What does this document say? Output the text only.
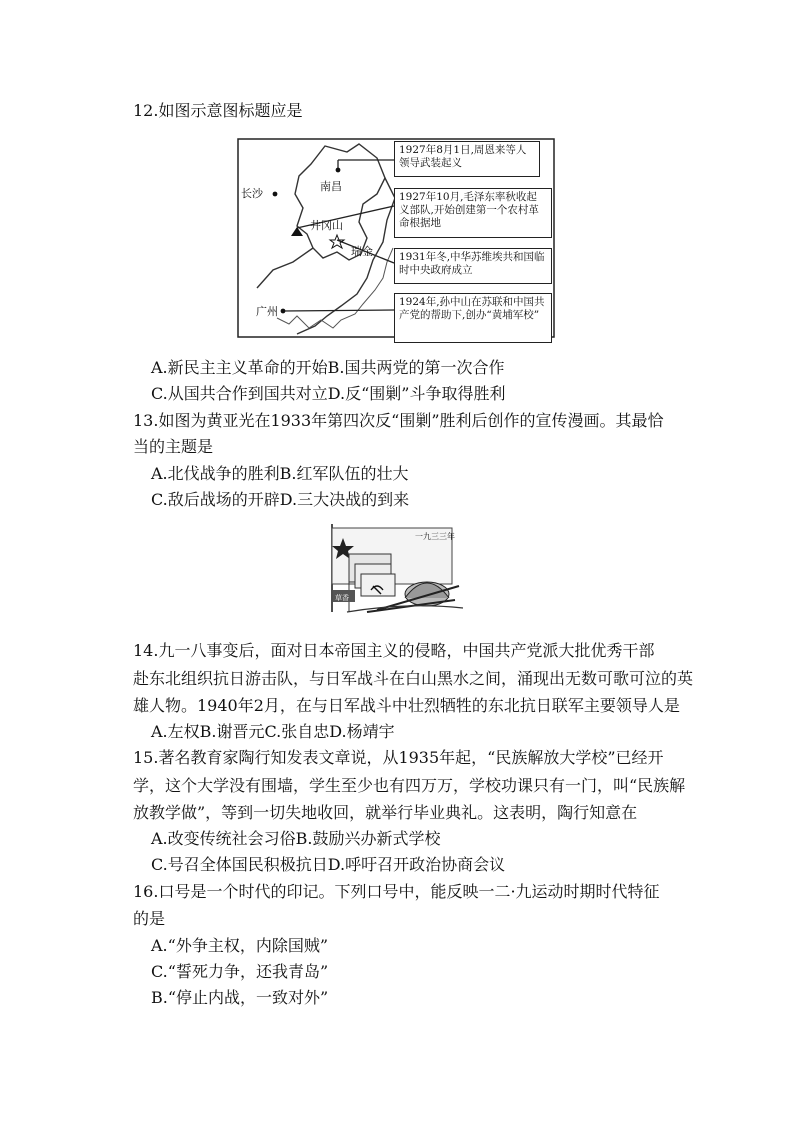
12.如图示意图标题应是
南昌
长沙
井冈山
瑞金
广州
1927年8月1日,周恩来等人领导武装起义
1927年10月,毛泽东率秋收起义部队,开始创建第一个农村革命根据地
1931年冬,中华苏维埃共和国临时中央政府成立
1924年,孙中山在苏联和中国共产党的帮助下,创办“黄埔军校”
A.新民主主义革命的开始B.国共两党的第一次合作
C.从国共合作到国共对立D.反“围剿”斗争取得胜利
13.如图为黄亚光在1933年第四次反“围剿”胜利后创作的宣传漫画。其最恰
当的主题是
A.北伐战争的胜利B.红军队伍的壮大
C.敌后战场的开辟D.三大决战的到来
一九三三年
草香
14.九一八事变后，面对日本帝国主义的侵略，中国共产党派大批优秀干部
赴东北组织抗日游击队，与日军战斗在白山黑水之间，涌现出无数可歌可泣的英
雄人物。1940年2月，在与日军战斗中壮烈牺牲的东北抗日联军主要领导人是
A.左权B.谢晋元C.张自忠D.杨靖宇
15.著名教育家陶行知发表文章说，从1935年起，“民族解放大学校”已经开
学，这个大学没有围墙，学生至少也有四万万，学校功课只有一门，叫“民族解
放教学做”，等到一切失地收回，就举行毕业典礼。这表明，陶行知意在
A.改变传统社会习俗B.鼓励兴办新式学校
C.号召全体国民积极抗日D.呼吁召开政治协商会议
16.口号是一个时代的印记。下列口号中，能反映一二·九运动时期时代特征
的是
A.“外争主权，内除国贼”
C.“誓死力争，还我青岛”
B.“停止内战，一致对外”
